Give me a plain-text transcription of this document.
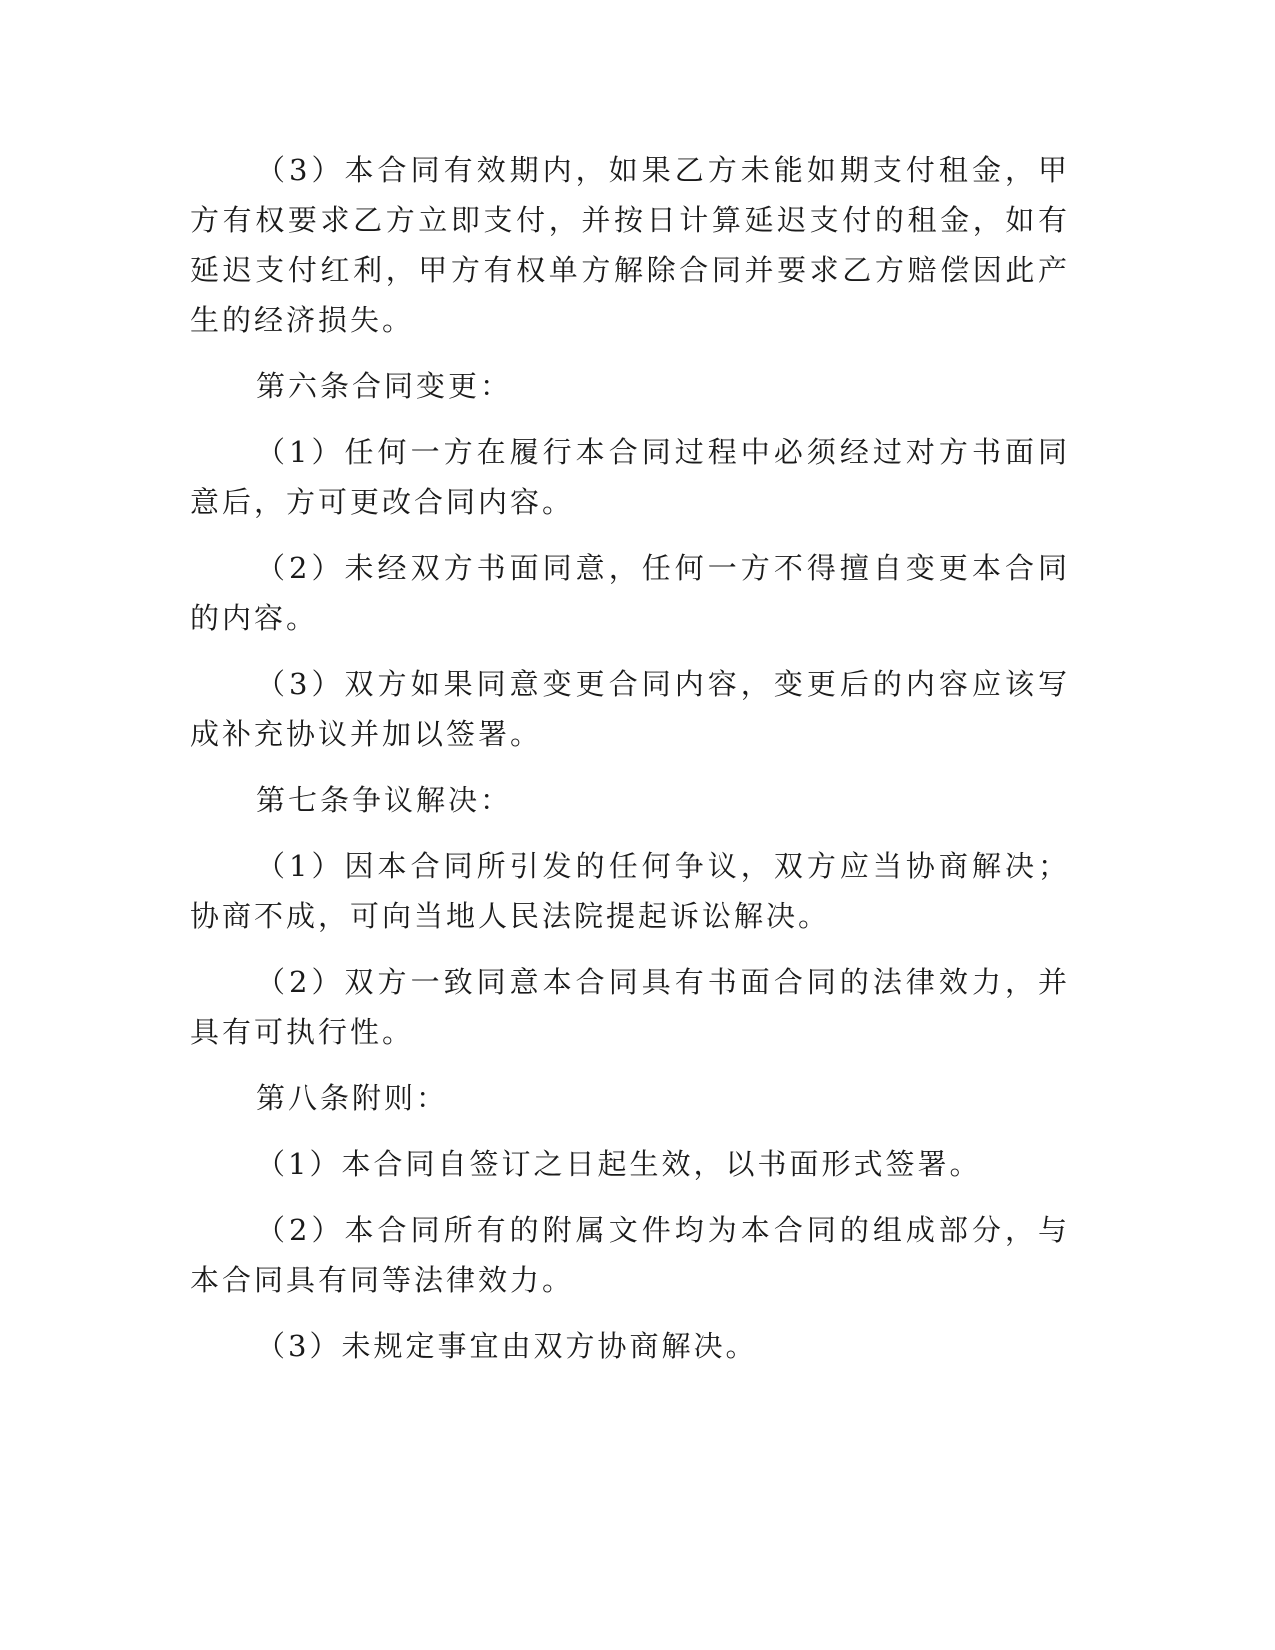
（3）本合同有效期内，如果乙方未能如期支付租金，甲方有权要求乙方立即支付，并按日计算延迟支付的租金，如有延迟支付红利，甲方有权单方解除合同并要求乙方赔偿因此产生的经济损失。

第六条合同变更：

（1）任何一方在履行本合同过程中必须经过对方书面同意后，方可更改合同内容。

（2）未经双方书面同意，任何一方不得擅自变更本合同的内容。

（3）双方如果同意变更合同内容，变更后的内容应该写成补充协议并加以签署。

第七条争议解决：

（1）因本合同所引发的任何争议，双方应当协商解决；协商不成，可向当地人民法院提起诉讼解决。

（2）双方一致同意本合同具有书面合同的法律效力，并具有可执行性。

第八条附则：

（1）本合同自签订之日起生效，以书面形式签署。

（2）本合同所有的附属文件均为本合同的组成部分，与本合同具有同等法律效力。

（3）未规定事宜由双方协商解决。
